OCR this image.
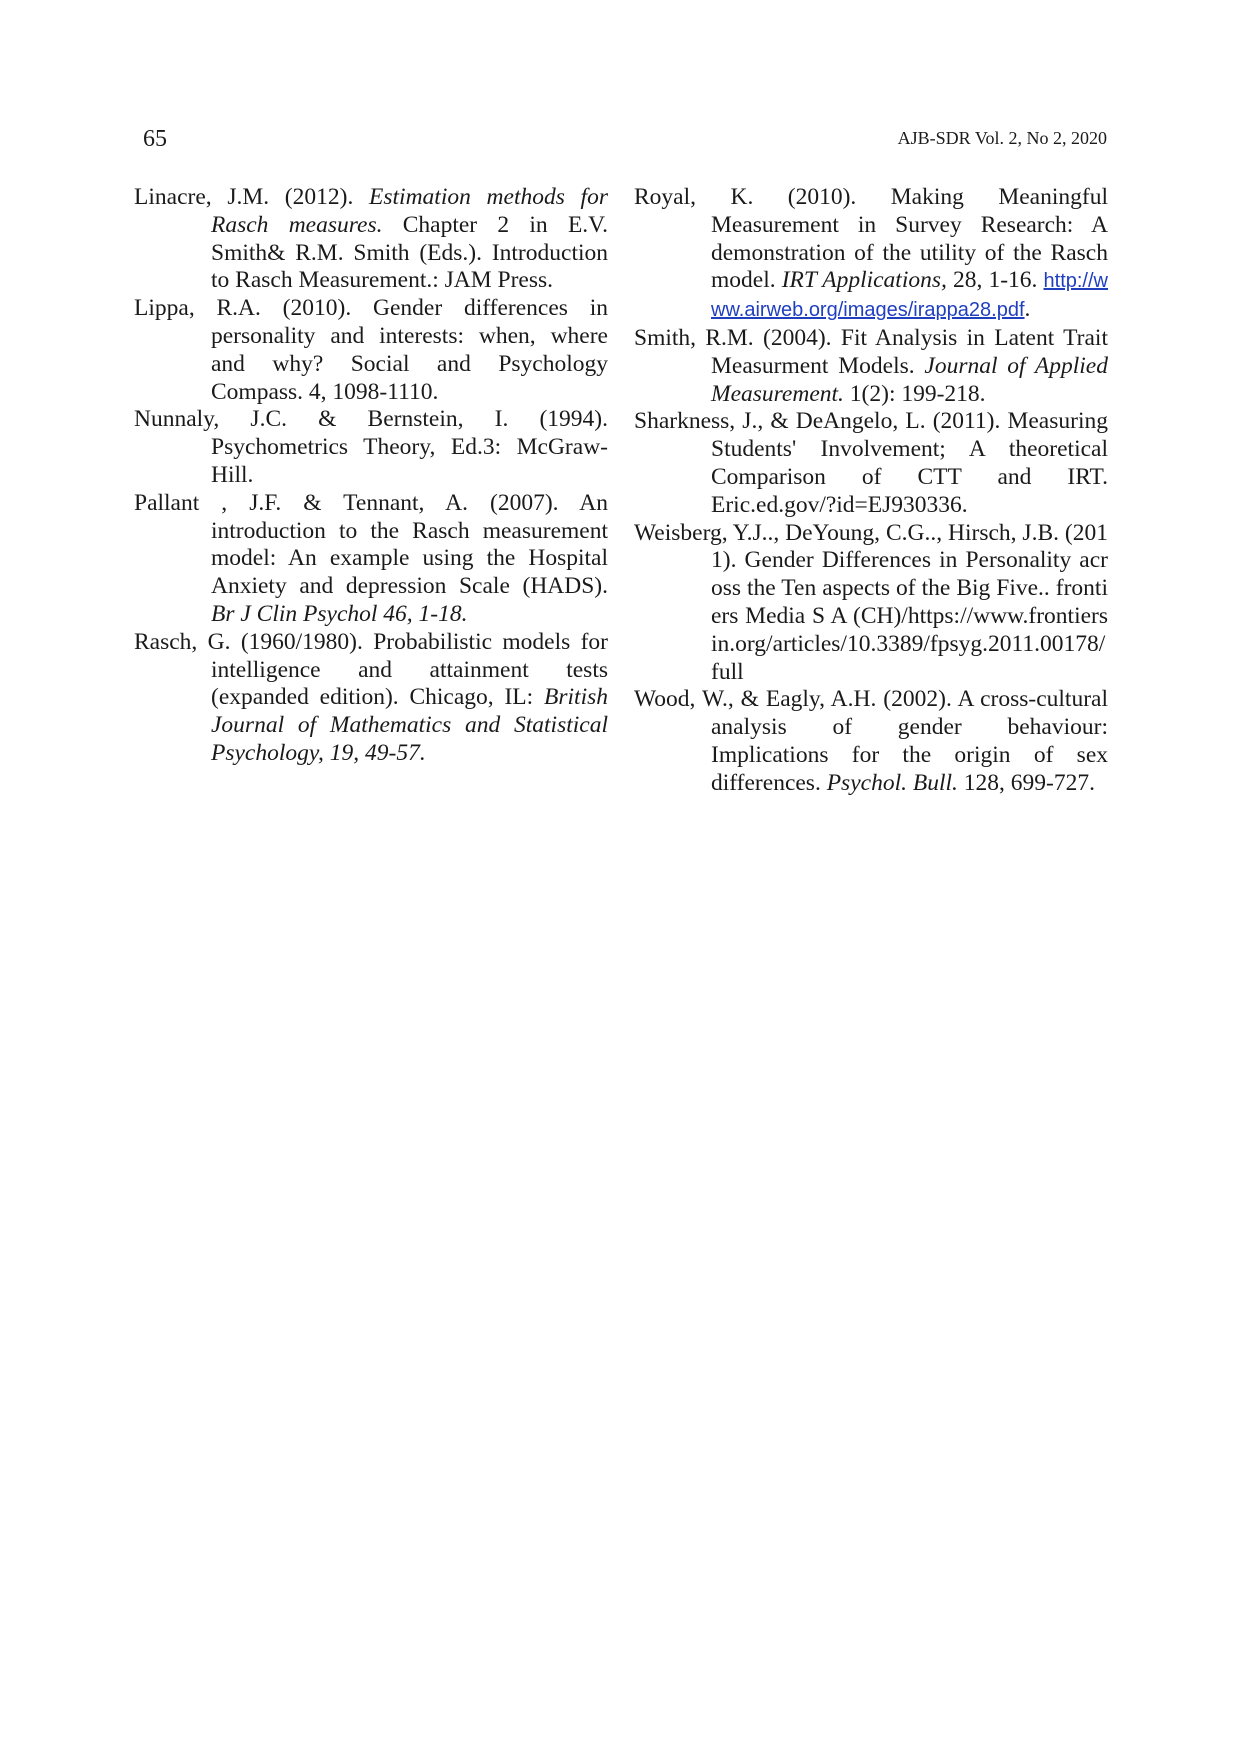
65	AJB-SDR Vol. 2, No 2, 2020

Linacre, J.M. (2012). Estimation methods for Rasch measures. Chapter 2 in E.V. Smith& R.M. Smith (Eds.). Introduction to Rasch Measurement.: JAM Press.

Lippa, R.A. (2010). Gender differences in personality and interests: when, where and why? Social and Psychology Compass. 4, 1098-1110.

Nunnaly, J.C. & Bernstein, I. (1994). Psychometrics Theory, Ed.3: McGraw-Hill.

Pallant , J.F. & Tennant, A. (2007). An introduction to the Rasch measurement model: An example using the Hospital Anxiety and depression Scale (HADS). Br J Clin Psychol 46, 1-18.

Rasch, G. (1960/1980). Probabilistic models for intelligence and attainment tests (expanded edition). Chicago, IL: British Journal of Mathematics and Statistical Psychology, 19, 49-57.

Royal, K. (2010). Making Meaningful Measurement in Survey Research: A demonstration of the utility of the Rasch model. IRT Applications, 28, 1-16. http://www.airweb.org/images/irappa28.pdf.

Smith, R.M. (2004). Fit Analysis in Latent Trait Measurment Models. Journal of Applied Measurement. 1(2): 199-218.

Sharkness, J., & DeAngelo, L. (2011). Measuring Students' Involvement; A theoretical Comparison of CTT and IRT. Eric.ed.gov/?id=EJ930336.

Weisberg, Y.J.., DeYoung, C.G.., Hirsch, J.B. (2011). Gender Differences in Personality across the Ten aspects of the Big Five.. frontiers Media S A (CH)/https://www.frontiersin.org/articles/10.3389/fpsyg.2011.00178/full

Wood, W., & Eagly, A.H. (2002). A cross-cultural analysis of gender behaviour: Implications for the origin of sex differences. Psychol. Bull. 128, 699-727.
